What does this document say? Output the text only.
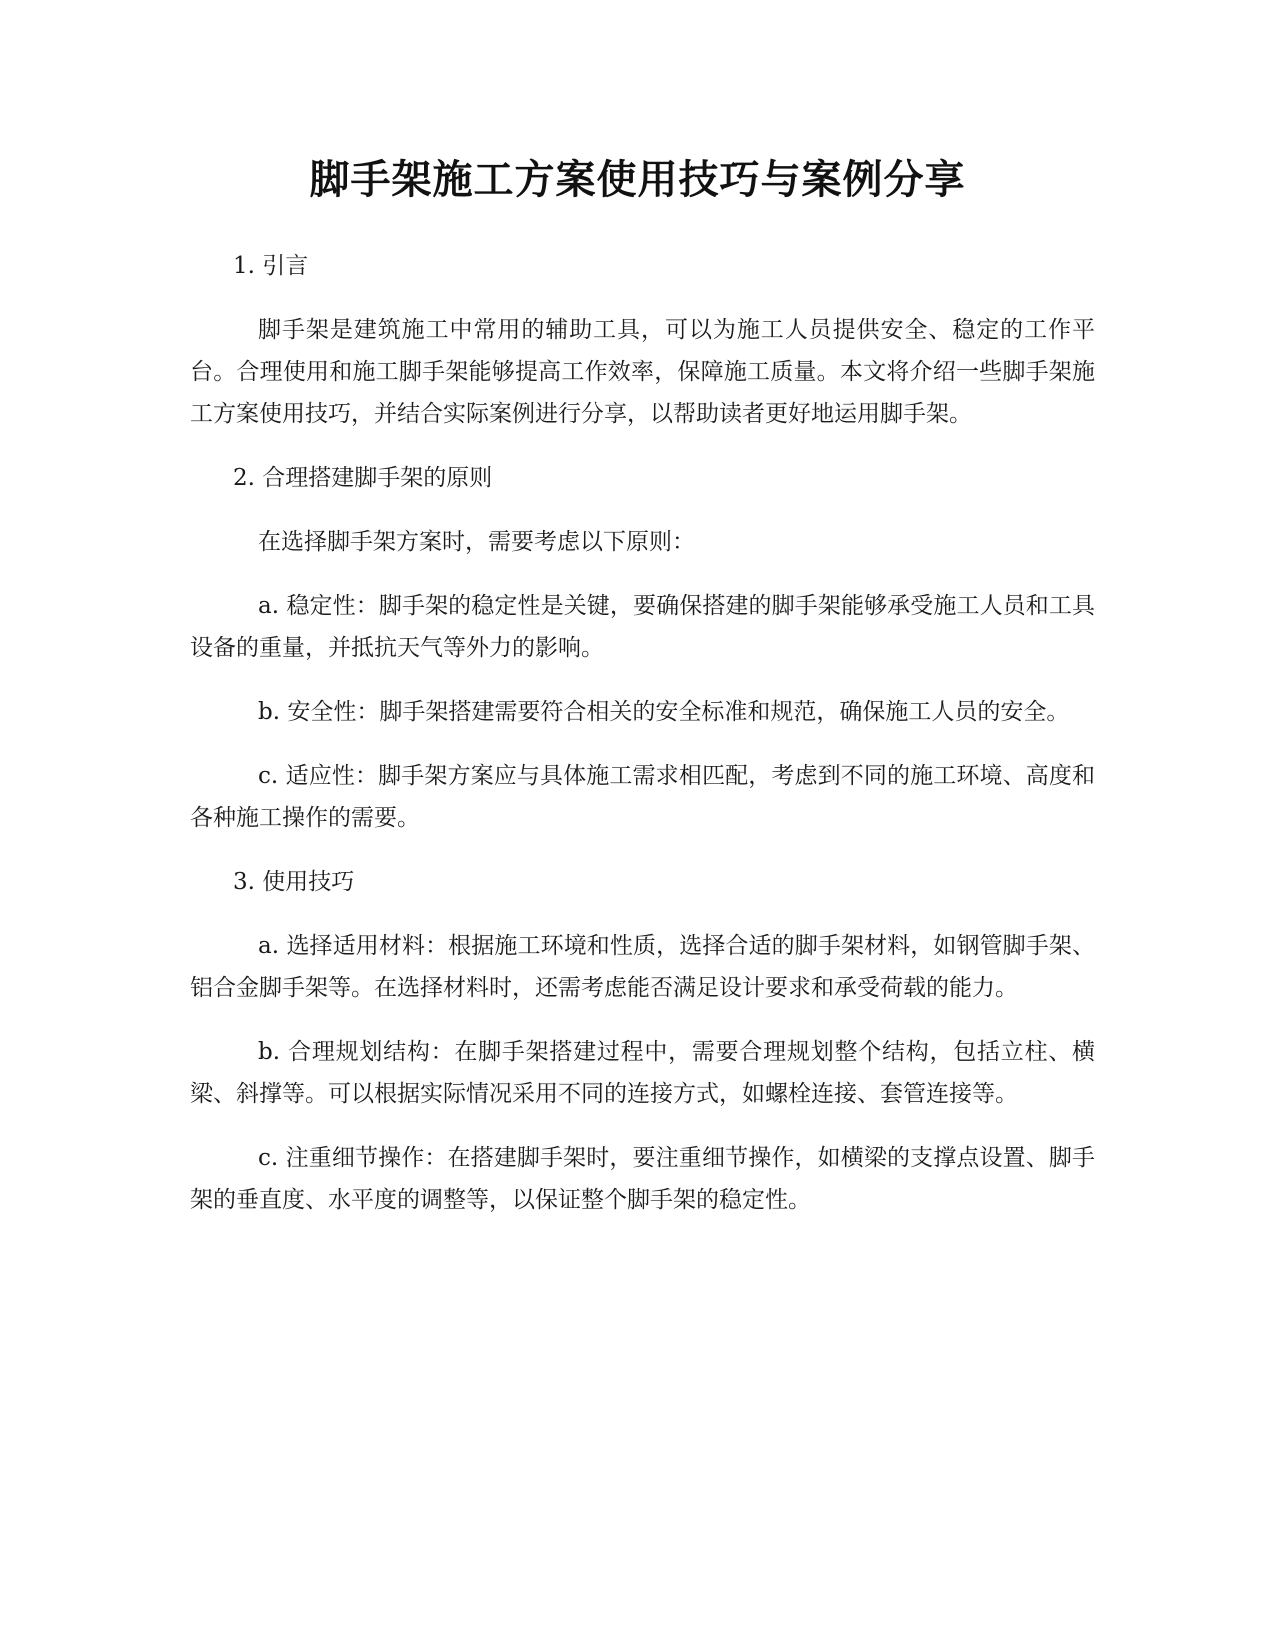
脚手架施工方案使用技巧与案例分享

1. 引言

脚手架是建筑施工中常用的辅助工具，可以为施工人员提供安全、稳定的工作平台。合理使用和施工脚手架能够提高工作效率，保障施工质量。本文将介绍一些脚手架施工方案使用技巧，并结合实际案例进行分享，以帮助读者更好地运用脚手架。

2. 合理搭建脚手架的原则

在选择脚手架方案时，需要考虑以下原则：

a. 稳定性：脚手架的稳定性是关键，要确保搭建的脚手架能够承受施工人员和工具设备的重量，并抵抗天气等外力的影响。

b. 安全性：脚手架搭建需要符合相关的安全标准和规范，确保施工人员的安全。

c. 适应性：脚手架方案应与具体施工需求相匹配，考虑到不同的施工环境、高度和各种施工操作的需要。

3. 使用技巧

a. 选择适用材料：根据施工环境和性质，选择合适的脚手架材料，如钢管脚手架、铝合金脚手架等。在选择材料时，还需考虑能否满足设计要求和承受荷载的能力。

b. 合理规划结构：在脚手架搭建过程中，需要合理规划整个结构，包括立柱、横梁、斜撑等。可以根据实际情况采用不同的连接方式，如螺栓连接、套管连接等。

c. 注重细节操作：在搭建脚手架时，要注重细节操作，如横梁的支撑点设置、脚手架的垂直度、水平度的调整等，以保证整个脚手架的稳定性。
